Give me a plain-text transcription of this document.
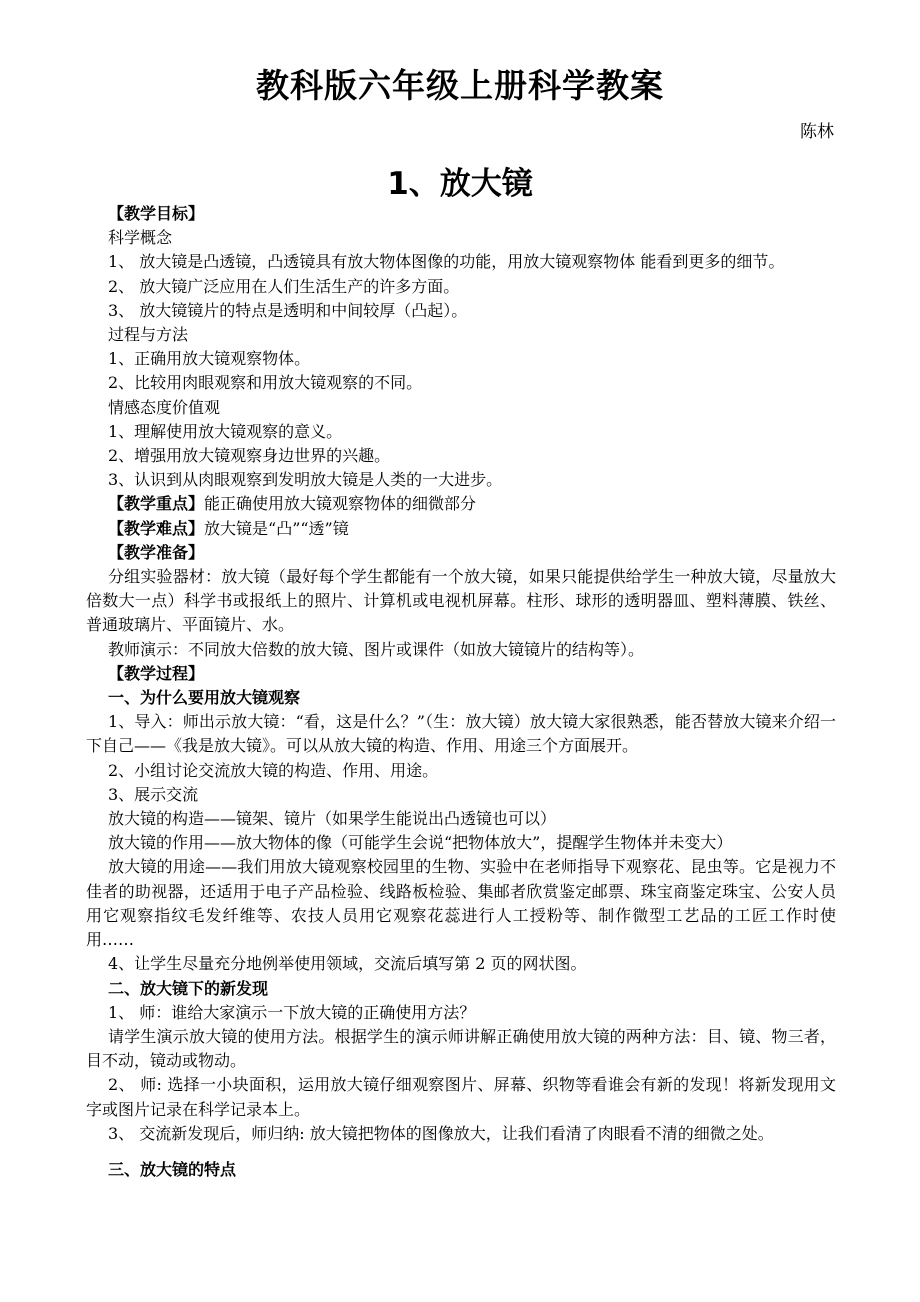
教科版六年级上册科学教案
陈林
1、放大镜

【教学目标】

科学概念

1、 放大镜是凸透镜，凸透镜具有放大物体图像的功能，用放大镜观察物体 能看到更多的细节。

2、 放大镜广泛应用在人们生活生产的许多方面。

3、 放大镜镜片的特点是透明和中间较厚（凸起）。

过程与方法

1、正确用放大镜观察物体。

2、比较用肉眼观察和用放大镜观察的不同。

情感态度价值观

1、理解使用放大镜观察的意义。

2、增强用放大镜观察身边世界的兴趣。

3、认识到从肉眼观察到发明放大镜是人类的一大进步。

【教学重点】能正确使用放大镜观察物体的细微部分

【教学难点】放大镜是“凸”“透”镜

【教学准备】

分组实验器材：放大镜（最好每个学生都能有一个放大镜，如果只能提供给学生一种放大镜，尽量放大倍数大一点）科学书或报纸上的照片、计算机或电视机屏幕。柱形、球形的透明器皿、塑料薄膜、铁丝、普通玻璃片、平面镜片、水。

教师演示：不同放大倍数的放大镜、图片或课件（如放大镜镜片的结构等）。

【教学过程】

一、为什么要用放大镜观察

1、导入：师出示放大镜：“看，这是什么？”（生：放大镜）放大镜大家很熟悉，能否替放大镜来介绍一下自己——《我是放大镜》。可以从放大镜的构造、作用、用途三个方面展开。

2、小组讨论交流放大镜的构造、作用、用途。

3、展示交流

放大镜的构造——镜架、镜片（如果学生能说出凸透镜也可以）

放大镜的作用——放大物体的像（可能学生会说“把物体放大”，提醒学生物体并未变大）

放大镜的用途——我们用放大镜观察校园里的生物、实验中在老师指导下观察花、昆虫等。它是视力不佳者的助视器，还适用于电子产品检验、线路板检验、集邮者欣赏鉴定邮票、珠宝商鉴定珠宝、公安人员用它观察指纹毛发纤维等、农技人员用它观察花蕊进行人工授粉等、制作微型工艺品的工匠工作时使用……

4、让学生尽量充分地例举使用领域，交流后填写第 2 页的网状图。

二、放大镜下的新发现

1、 师：谁给大家演示一下放大镜的正确使用方法？

请学生演示放大镜的使用方法。根据学生的演示师讲解正确使用放大镜的两种方法：目、镜、物三者，目不动，镜动或物动。

2、 师: 选择一小块面积，运用放大镜仔细观察图片、屏幕、织物等看谁会有新的发现！将新发现用文字或图片记录在科学记录本上。

3、 交流新发现后，师归纳: 放大镜把物体的图像放大，让我们看清了肉眼看不清的细微之处。

三、放大镜的特点
